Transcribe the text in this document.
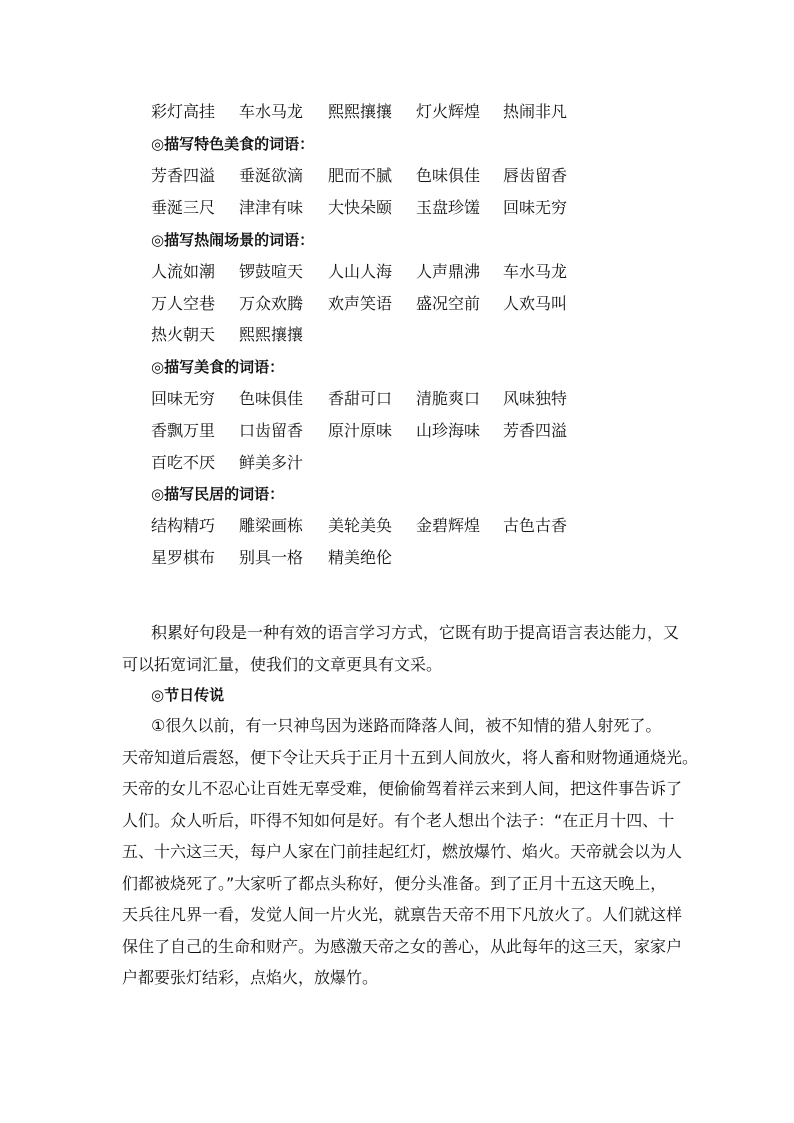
彩灯高挂 车水马龙 熙熙攘攘 灯火辉煌 热闹非凡
◎描写特色美食的词语：
芳香四溢 垂涎欲滴 肥而不腻 色味俱佳 唇齿留香
垂涎三尺 津津有味 大快朵颐 玉盘珍馐 回味无穷
◎描写热闹场景的词语：
人流如潮 锣鼓喧天 人山人海 人声鼎沸 车水马龙
万人空巷 万众欢腾 欢声笑语 盛况空前 人欢马叫
热火朝天 熙熙攘攘
◎描写美食的词语：
回味无穷 色味俱佳 香甜可口 清脆爽口 风味独特
香飘万里 口齿留香 原汁原味 山珍海味 芳香四溢
百吃不厌 鲜美多汁
◎描写民居的词语：
结构精巧 雕梁画栋 美轮美奂 金碧辉煌 古色古香
星罗棋布 别具一格 精美绝伦
积累好句段是一种有效的语言学习方式，它既有助于提高语言表达能力，又
可以拓宽词汇量，使我们的文章更具有文采。
◎节日传说
①很久以前，有一只神鸟因为迷路而降落人间，被不知情的猎人射死了。
天帝知道后震怒，便下令让天兵于正月十五到人间放火，将人畜和财物通通烧光。
天帝的女儿不忍心让百姓无辜受难，便偷偷驾着祥云来到人间，把这件事告诉了
人们。众人听后，吓得不知如何是好。有个老人想出个法子：“在正月十四、十
五、十六这三天，每户人家在门前挂起红灯，燃放爆竹、焰火。天帝就会以为人
们都被烧死了。”大家听了都点头称好，便分头准备。到了正月十五这天晚上，
天兵往凡界一看，发觉人间一片火光，就禀告天帝不用下凡放火了。人们就这样
保住了自己的生命和财产。为感激天帝之女的善心，从此每年的这三天，家家户
户都要张灯结彩，点焰火，放爆竹。
